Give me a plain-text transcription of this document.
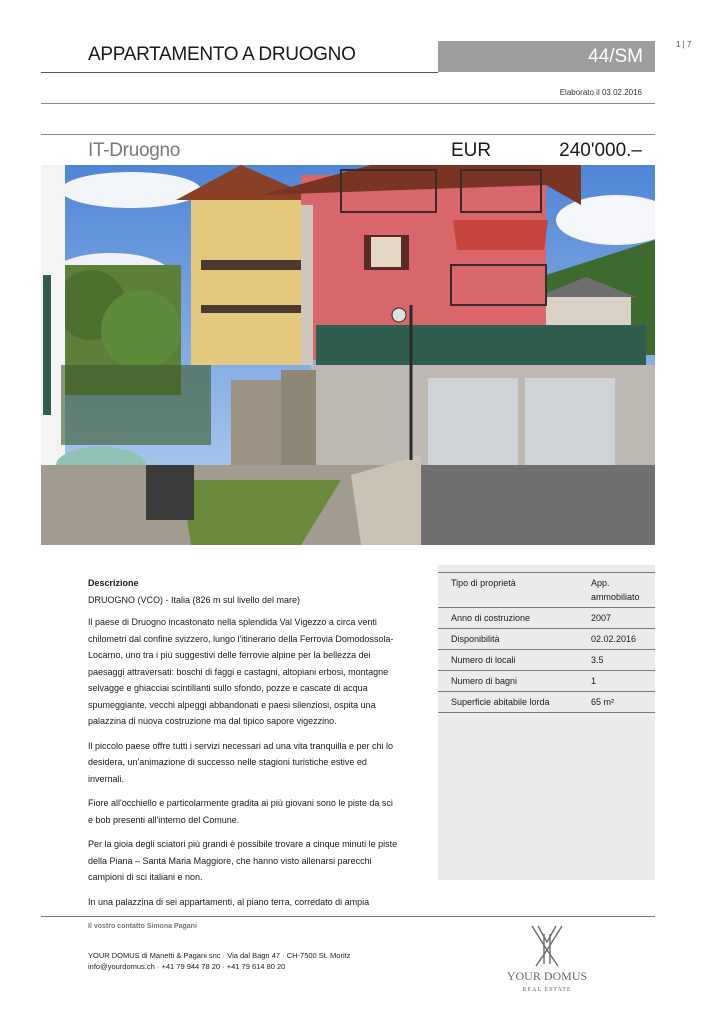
1 | 7
APPARTAMENTO A DRUOGNO	44/SM
Elaborato il 03.02.2016
IT-Druogno	EUR	240'000.–
Descrizione

DRUOGNO (VCO) - Italia (826 m sul livello del mare)

Il paese di Druogno incastonato nella splendida Val Vigezzo a circa venti chilometri dal confine svizzero, lungo l'itinerario della Ferrovia Domodossola-Locarno, uno tra i più suggestivi delle ferrovie alpine per la bellezza dei paesaggi attraversati: boschi di faggi e castagni, altopiani erbosi, montagne selvagge e ghiacciai scintillanti sullo sfondo, pozze e cascate di acqua spumeggiante, vecchi alpeggi abbandonati e paesi silenziosi, ospita una palazzina di nuova costruzione ma dal tipico sapore vigezzino.

Il piccolo paese offre tutti i servizi necessari ad una vita tranquilla e per chi lo desidera, un'animazione di successo nelle stagioni turistiche estive ed invernali.

Fiore all'occhiello e particolarmente gradita ai più giovani sono le piste da sci e bob presenti all'interno del Comune.

Per la gioia degli sciatori più grandi è possibile trovare a cinque minuti le piste della Piana – Santa Maria Maggiore, che hanno visto allenarsi parecchi campioni di sci italiani e non.

In una palazzina di sei appartamenti, al piano terra, corredato di ampia

Tipo di proprietà	App. ammobiliato
Anno di costruzione	2007
Disponibilità	02.02.2016
Numero di locali	3.5
Numero di bagni	1
Superficie abitabile lorda	65 m²
Il vostro contatto Simona Pagani
YOUR DOMUS di Manetti & Pagani snc · Via dal Bagn 47 · CH-7500 St. Moritz
info@yourdomus.ch · +41 79 944 78 20 · +41 79 614 80 20
YOUR DOMUS
REAL ESTATE
